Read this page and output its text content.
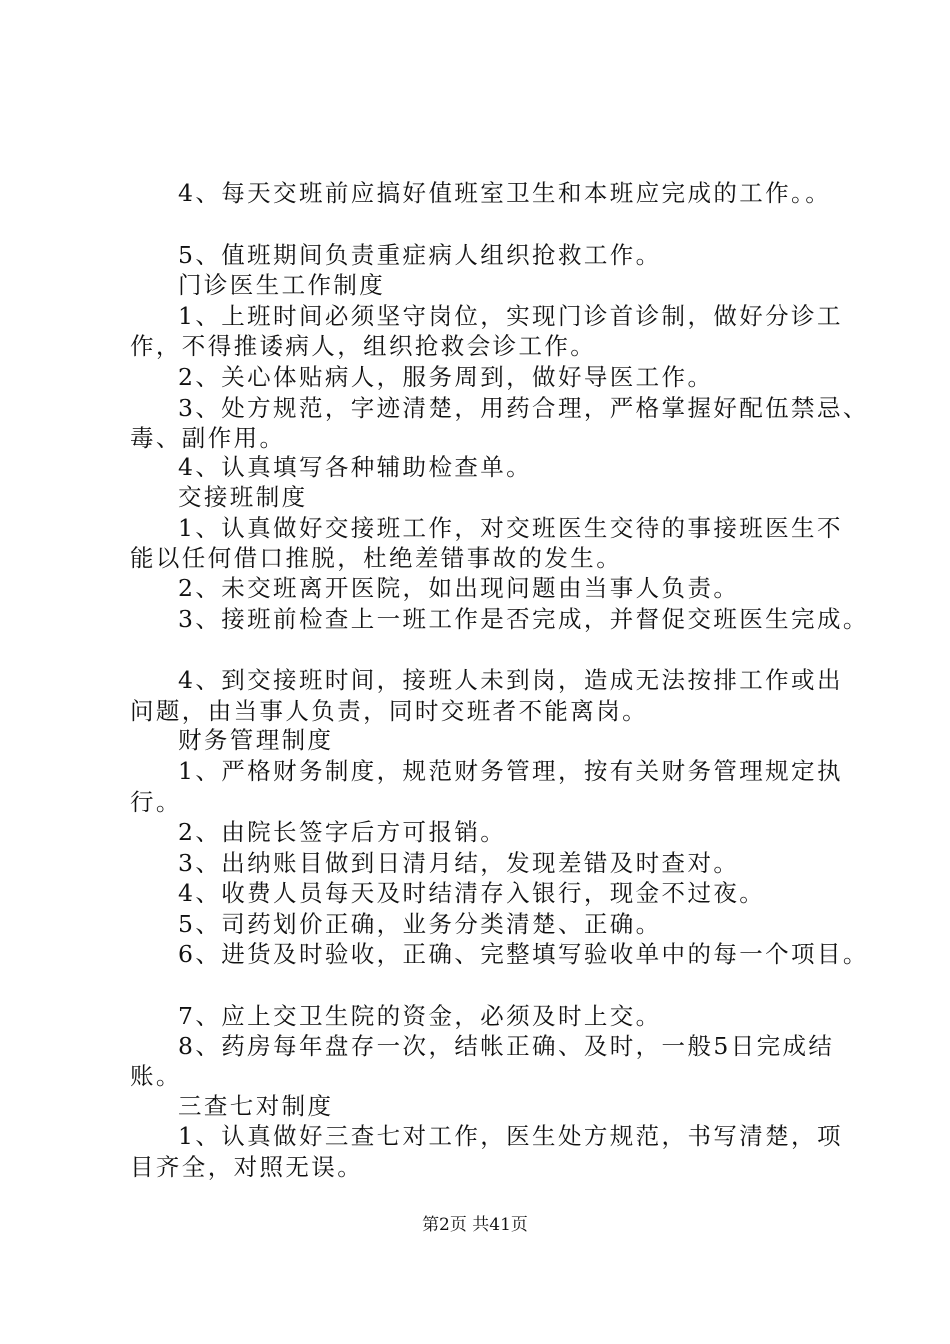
4、每天交班前应搞好值班室卫生和本班应完成的工作。。
5、值班期间负责重症病人组织抢救工作。
门诊医生工作制度
1、上班时间必须坚守岗位，实现门诊首诊制，做好分诊工
作，不得推诿病人，组织抢救会诊工作。
2、关心体贴病人，服务周到，做好导医工作。
3、处方规范，字迹清楚，用药合理，严格掌握好配伍禁忌、
毒、副作用。
4、认真填写各种辅助检查单。
交接班制度
1、认真做好交接班工作，对交班医生交待的事接班医生不
能以任何借口推脱，杜绝差错事故的发生。
2、未交班离开医院，如出现问题由当事人负责。
3、接班前检查上一班工作是否完成，并督促交班医生完成。
4、到交接班时间，接班人未到岗，造成无法按排工作或出
问题，由当事人负责，同时交班者不能离岗。
财务管理制度
1、严格财务制度，规范财务管理，按有关财务管理规定执
行。
2、由院长签字后方可报销。
3、出纳账目做到日清月结，发现差错及时查对。
4、收费人员每天及时结清存入银行，现金不过夜。
5、司药划价正确，业务分类清楚、正确。
6、进货及时验收，正确、完整填写验收单中的每一个项目。
7、应上交卫生院的资金，必须及时上交。
8、药房每年盘存一次，结帐正确、及时，一般5日完成结
账。
三查七对制度
1、认真做好三查七对工作，医生处方规范，书写清楚，项
目齐全，对照无误。
第2页 共41页
